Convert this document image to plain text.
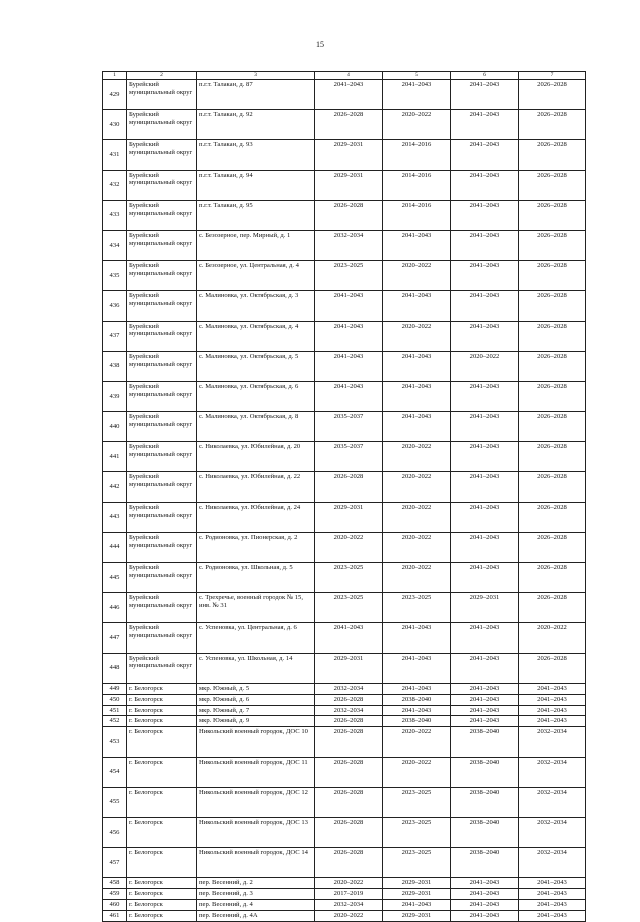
15
1	2	3	4	5	6	7
429	Бурейский муниципальный округ	п.г.т. Талакан, д. 87	2041–2043	2041–2043	2041–2043	2026–2028
430	Бурейский муниципальный округ	п.г.т. Талакан, д. 92	2026–2028	2020–2022	2041–2043	2026–2028
431	Бурейский муниципальный округ	п.г.т. Талакан, д. 93	2029–2031	2014–2016	2041–2043	2026–2028
432	Бурейский муниципальный округ	п.г.т. Талакан, д. 94	2029–2031	2014–2016	2041–2043	2026–2028
433	Бурейский муниципальный округ	п.г.т. Талакан, д. 95	2026–2028	2014–2016	2041–2043	2026–2028
434	Бурейский муниципальный округ	с. Безозерное, пер. Мирный, д. 1	2032–2034	2041–2043	2041–2043	2026–2028
435	Бурейский муниципальный округ	с. Безозерное, ул. Центральная, д. 4	2023–2025	2020–2022	2041–2043	2026–2028
436	Бурейский муниципальный округ	с. Малиновка, ул. Октябрьская, д. 3	2041–2043	2041–2043	2041–2043	2026–2028
437	Бурейский муниципальный округ	с. Малиновка, ул. Октябрьская, д. 4	2041–2043	2020–2022	2041–2043	2026–2028
438	Бурейский муниципальный округ	с. Малиновка, ул. Октябрьская, д. 5	2041–2043	2041–2043	2020–2022	2026–2028
439	Бурейский муниципальный округ	с. Малиновка, ул. Октябрьская, д. 6	2041–2043	2041–2043	2041–2043	2026–2028
440	Бурейский муниципальный округ	с. Малиновка, ул. Октябрьская, д. 8	2035–2037	2041–2043	2041–2043	2026–2028
441	Бурейский муниципальный округ	с. Николаевка, ул. Юбилейная, д. 20	2035–2037	2020–2022	2041–2043	2026–2028
442	Бурейский муниципальный округ	с. Николаевка, ул. Юбилейная, д. 22	2026–2028	2020–2022	2041–2043	2026–2028
443	Бурейский муниципальный округ	с. Николаевка, ул. Юбилейная, д. 24	2029–2031	2020–2022	2041–2043	2026–2028
444	Бурейский муниципальный округ	с. Родионовка, ул. Пионерская, д. 2	2020–2022	2020–2022	2041–2043	2026–2028
445	Бурейский муниципальный округ	с. Родионовка, ул. Школьная, д. 5	2023–2025	2020–2022	2041–2043	2026–2028
446	Бурейский муниципальный округ	с. Трехречье, военный городок № 15, инв. № 31	2023–2025	2023–2025	2029–2031	2026–2028
447	Бурейский муниципальный округ	с. Успеновка, ул. Центральная, д. 6	2041–2043	2041–2043	2041–2043	2020–2022
448	Бурейский муниципальный округ	с. Успеновка, ул. Школьная, д. 14	2029–2031	2041–2043	2041–2043	2026–2028
449	г. Белогорск	мкр. Южный, д. 5	2032–2034	2041–2043	2041–2043	2041–2043
450	г. Белогорск	мкр. Южный, д. 6	2026–2028	2038–2040	2041–2043	2041–2043
451	г. Белогорск	мкр. Южный, д. 7	2032–2034	2041–2043	2041–2043	2041–2043
452	г. Белогорск	мкр. Южный, д. 9	2026–2028	2038–2040	2041–2043	2041–2043
453	г. Белогорск	Никольский военный городок, ДОС 10	2026–2028	2020–2022	2038–2040	2032–2034
454	г. Белогорск	Никольский военный городок, ДОС 11	2026–2028	2020–2022	2038–2040	2032–2034
455	г. Белогорск	Никольский военный городок, ДОС 12	2026–2028	2023–2025	2038–2040	2032–2034
456	г. Белогорск	Никольский военный городок, ДОС 13	2026–2028	2023–2025	2038–2040	2032–2034
457	г. Белогорск	Никольский военный городок, ДОС 14	2026–2028	2023–2025	2038–2040	2032–2034
458	г. Белогорск	пер. Весенний, д. 2	2020–2022	2029–2031	2041–2043	2041–2043
459	г. Белогорск	пер. Весенний, д. 3	2017–2019	2029–2031	2041–2043	2041–2043
460	г. Белогорск	пер. Весенний, д. 4	2032–2034	2041–2043	2041–2043	2041–2043
461	г. Белогорск	пер. Весенний, д. 4А	2020–2022	2029–2031	2041–2043	2041–2043
